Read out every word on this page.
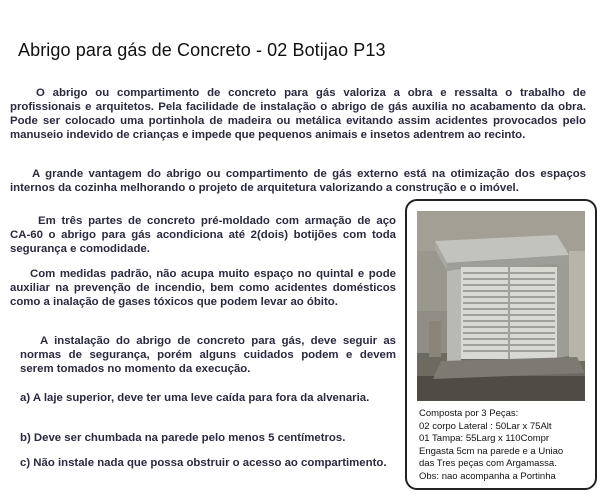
Abrigo para gás de Concreto - 02 Botijao P13

O abrigo ou compartimento de concreto para gás valoriza a obra e ressalta o trabalho de profissionais e arquitetos. Pela facilidade de instalação o abrigo de gás auxilia no acabamento da obra. Pode ser colocado uma portinhola de madeira ou metálica evitando assim acidentes provocados pelo manuseio indevido de crianças e impede que pequenos animais e insetos adentrem ao recinto.

A grande vantagem do abrigo ou compartimento de gás externo está na otimização dos espaços internos da cozinha melhorando o projeto de arquitetura valorizando a construção e o imóvel.

Em três partes de concreto pré-moldado com armação de aço CA-60 o abrigo para gás acondiciona até 2(dois) botijões com toda segurança e comodidade.

Com medidas padrão, não acupa muito espaço no quintal e pode auxiliar na prevenção de incendio, bem como acidentes domésticos como a inalação de gases tóxicos que podem levar ao óbito.

A instalação do abrigo de concreto para gás, deve seguir as normas de segurança, porém alguns cuidados podem e devem serem tomados no momento da execução.

a) A laje superior, deve ter uma leve caída para fora da alvenaria.

b) Deve ser chumbada na parede pelo menos 5 centímetros.

c) Não instale nada que possa obstruir o acesso ao compartimento.

Composta por 3 Peças:
02 corpo Lateral : 50Lar x 75Alt
01 Tampa: 55Larg x 110Compr
Engasta 5cm na parede e a Uniao
das Tres peças com Argamassa.
Obs: nao acompanha a Portinha
